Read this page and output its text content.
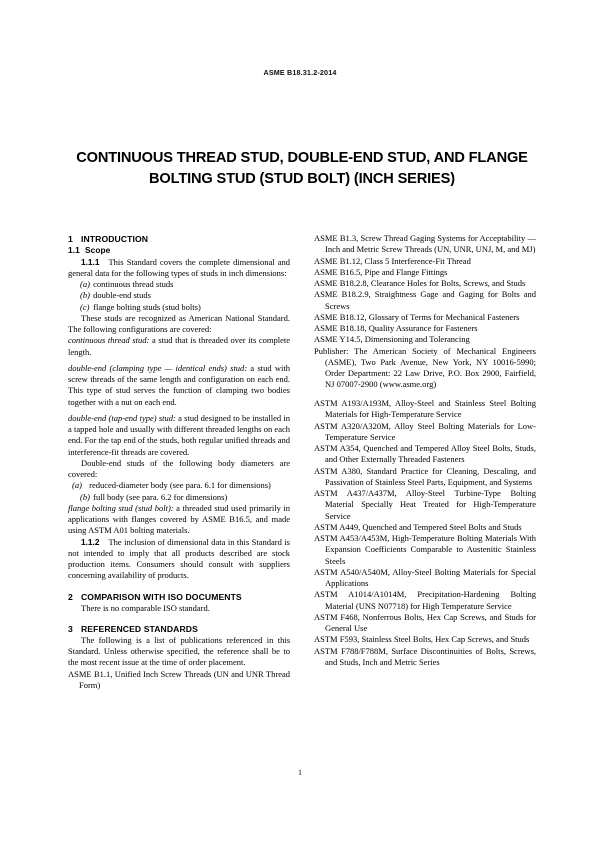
ASME B18.31.2-2014
CONTINUOUS THREAD STUD, DOUBLE-END STUD, AND FLANGE
BOLTING STUD (STUD BOLT) (INCH SERIES)
1 INTRODUCTION
1.1 Scope

1.1.1 This Standard covers the complete dimensional and general data for the following types of studs in inch dimensions:

(a) continuous thread studs

(b) double-end studs

(c) flange bolting studs (stud bolts)

These studs are recognized as American National Standard. The following configurations are covered:

continuous thread stud: a stud that is threaded over its complete length.

double-end (clamping type — identical ends) stud: a stud with screw threads of the same length and configuration on each end. This type of stud serves the function of clamping two bodies together with a nut on each end.

double-end (tap-end type) stud: a stud designed to be installed in a tapped hole and usually with different threaded lengths on each end. For the tap end of the studs, both regular unified threads and interference-fit threads are covered.

Double-end studs of the following body diameters are covered:

(a) reduced-diameter body (see para. 6.1 for dimensions)

(b) full body (see para. 6.2 for dimensions)

flange bolting stud (stud bolt): a threaded stud used primarily in applications with flanges covered by ASME B16.5, and made using ASTM A01 bolting materials.

1.1.2 The inclusion of dimensional data in this Standard is not intended to imply that all products described are stock production items. Consumers should consult with suppliers concerning availability of products.

2 COMPARISON WITH ISO DOCUMENTS

There is no comparable ISO standard.

3 REFERENCED STANDARDS

The following is a list of publications referenced in this Standard. Unless otherwise specified, the reference shall be to the most recent issue at the time of order placement.

ASME B1.1, Unified Inch Screw Threads (UN and UNR Thread Form)

ASME B1.3, Screw Thread Gaging Systems for Acceptability — Inch and Metric Screw Threads (UN, UNR, UNJ, M, and MJ)

ASME B1.12, Class 5 Interference-Fit Thread

ASME B16.5, Pipe and Flange Fittings

ASME B18.2.8, Clearance Holes for Bolts, Screws, and Studs

ASME B18.2.9, Straightness Gage and Gaging for Bolts and Screws

ASME B18.12, Glossary of Terms for Mechanical Fasteners

ASME B18.18, Quality Assurance for Fasteners

ASME Y14.5, Dimensioning and Tolerancing

Publisher: The American Society of Mechanical Engineers (ASME), Two Park Avenue, New York, NY 10016-5990; Order Department: 22 Law Drive, P.O. Box 2900, Fairfield, NJ 07007-2900 (www.asme.org)

ASTM A193/A193M, Alloy-Steel and Stainless Steel Bolting Materials for High-Temperature Service

ASTM A320/A320M, Alloy Steel Bolting Materials for Low-Temperature Service

ASTM A354, Quenched and Tempered Alloy Steel Bolts, Studs, and Other Externally Threaded Fasteners

ASTM A380, Standard Practice for Cleaning, Descaling, and Passivation of Stainless Steel Parts, Equipment, and Systems

ASTM A437/A437M, Alloy-Steel Turbine-Type Bolting Material Specially Heat Treated for High-Temperature Service

ASTM A449, Quenched and Tempered Steel Bolts and Studs

ASTM A453/A453M, High-Temperature Bolting Materials With Expansion Coefficients Comparable to Austenitic Stainless Steels

ASTM A540/A540M, Alloy-Steel Bolting Materials for Special Applications

ASTM A1014/A1014M, Precipitation-Hardening Bolting Material (UNS N07718) for High Temperature Service

ASTM F468, Nonferrous Bolts, Hex Cap Screws, and Studs for General Use

ASTM F593, Stainless Steel Bolts, Hex Cap Screws, and Studs

ASTM F788/F788M, Surface Discontinuities of Bolts, Screws, and Studs, Inch and Metric Series

1
